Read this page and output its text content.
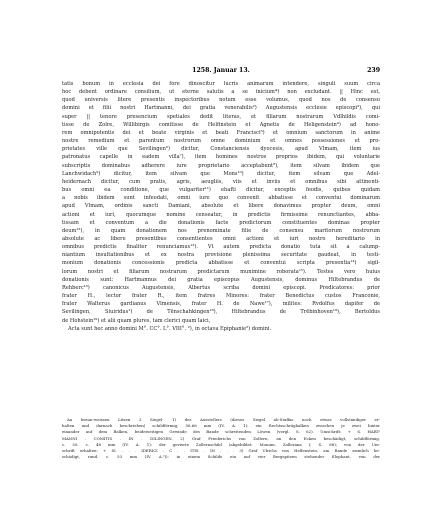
1258. Januar 13.	239

tatis bonum in ecclesia dei fore dinoscitur lucris animarum intendere, singuli suum circa

hoc debent ordinare consilium, ut eterne salutis a se inicium*) non excludant. || Hinc est,

quod universis litere presentis inspectoribus notum esse volumus, quod nos de consensu

domini et filii nostri Hartmanni, dei gratia venerabilis²) Augustensis ecclesie episcopi³), qui

super || tenore presencium spetiales dedit literas, et filiarum nostrarum Vdlhildis comi-

tisse de Zolre, Willibirgis comitisse de Helfinstein et Agnetis de Heligenstein⁴) ad hono-

rem omnipotentis dei et beate virginis et beati Francisci⁵) et omnium sanctorum in anime

nostre remedium et parentum nostrorum omne dominium et omnes possessiones et pro-

prietates ville que Sevilingen⁶) dicitur, Constanciensis dyocesis, apud Vlmam, item ius

patronatus capelle in eadem villa⁷), item homines nostros proprios ibidem, qui voluntarie

subscriptis dominabus adherere iure proprietario acceptabunt⁸), item silvam ibidem que

Lanchwidach⁹) dicitur, item silvam que Mons¹⁰) dicitur, item silvam que Adel-

heidernach dicitur, cum pratis, agris, aeugliis, viis et inviis et omnibus sibi attinenti-

bus omni ea conditione, que vulgariter¹¹) ehafti dicitur, exceptis feodis, quibus quidam

a nobis ibidem sunt infeodati, omni iure quo convenit abbatisse et conventui dominarum

apud Vlmam, ordinis sancti Damiani, absolute et libere donavimus propter deum, omni

actioni et iuri, quocumque nomine censeatur, in predictis firmissime renunctiantes, abba-

tissam et conventum a die donationis facte predictorum constituentes dominas propter

deum¹²), in quam donationem nos prenominate filie de consensu maritorum nostrorum

absolute ac libere presentibus consentientes omni actioni et iuri nostro hereditario in

omnibus predictis finaliter renunciamus¹³). Vt autem predicta donatio tuta sit a calump-

niantium insultationibus et ex nostra provisione plenissima securitate gaudeat, in testi-

monium donationis concessionis predicta abbatisse et conventui scripta presentia¹⁴) sigil-

lorum nostri et filiarum nostrarum predictarum munimine roborata¹⁵). Testes vero huius

donationis sunt: Hartmannus dei gratia episcopus Augustensis, dominus Hiltebrandus de

Rehberc¹⁶) canonicus Augustensis, Albertus scriba domini episcopi. Predicatores: prior

frater H., lector frater R., item fratres Minores: frater Benedictus custos Franconie,

frater Walterus gardianus Vlmensis, frater H. de Nawe¹⁷), milites: Rvdolfus dapifer de

Sevilingen, Siuiridus¹) de Tēnschahkingen¹⁸), Hiltebrandus de Trēbinhoven¹⁹), Bertoldus

de Hohstein¹⁹) et alii quam plures, tam clerici quam laici,

Acta sunt hec anno domini M°. CC°. L°. VIII°. ²), in octava Epiphanie²) domini.

An braun-weissen Litzen 3 Siegel: 1) des Ausstellers (dieses Siegel ab-Staffas noch etwas vollständiger er-

halten und darnach beschrieben) schildförmig, 56,66 mm (IV. A. 1): ein Rechtsschrägbalken zwischen je zwei hinter

einander auf dem Balken, beiderseitigen Gewinde des Bande schreitenden Löwen (vergl. S. 62). Umschrift: + S. HART-

MANNI . COMITIS . IN . DILINGEN. 2) Graf Friederichs von Zollern, an den Ecken beschädigt, schildförmig,

c. 50, c. 48 mm (IV. A. 1): der gevierte Zollernschild (abgebildet: Monum. Zollerana I, S. 88); von der Um-

schrift erhalten: + SI. . . . IDERICI . C . . ITIS . IN . . . 3) Graf Ulrichs von Helfenstein, am Rande ziemlich be-

schädigt, rund, c. 53 mm (IV. A.²)): in einem Schilde ein auf vier Bergspitzen stehender Elephant, von der
